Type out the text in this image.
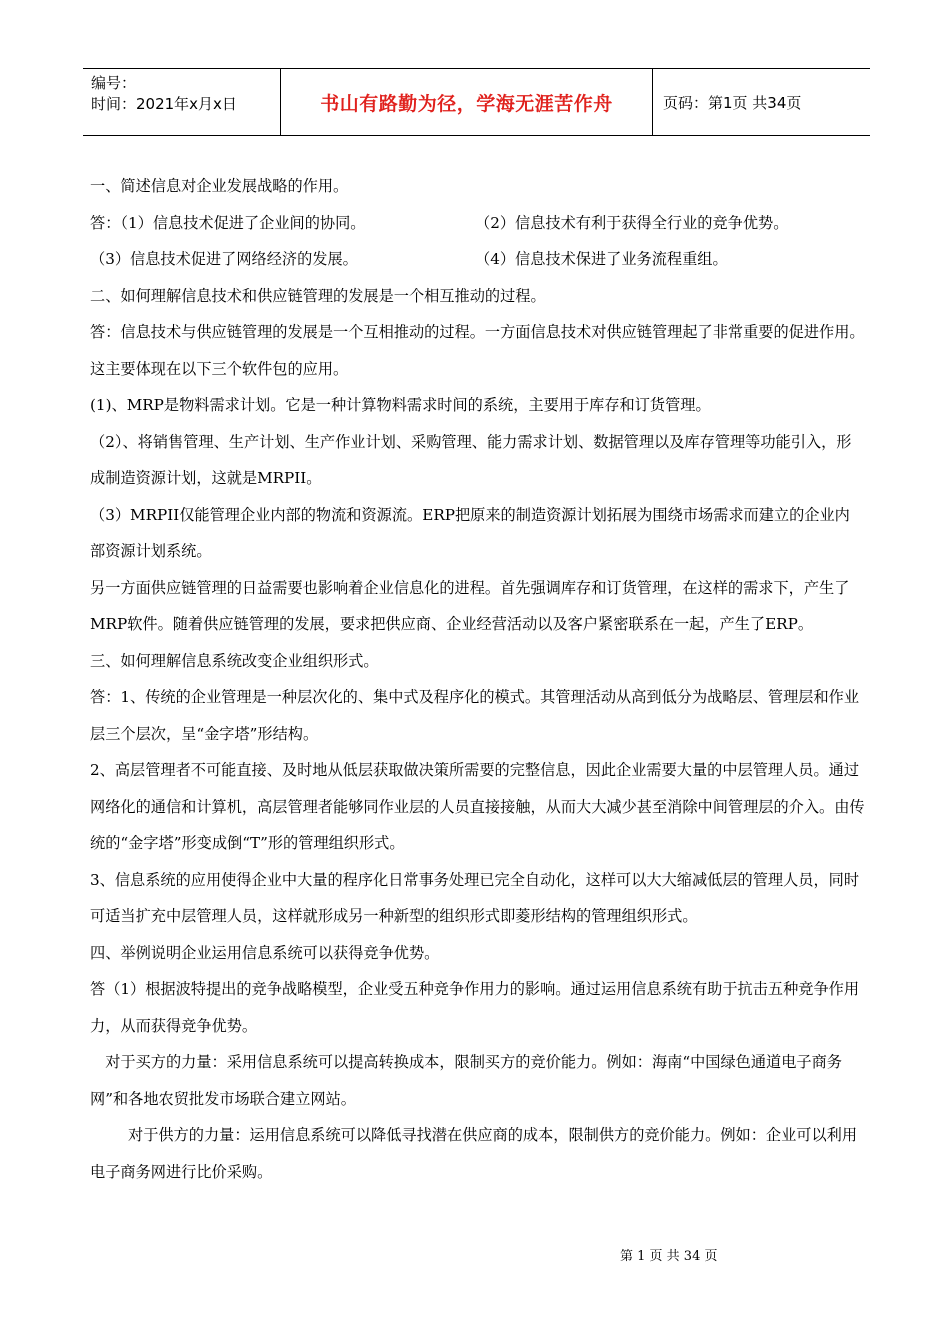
编号：
时间：2021年x月x日	书山有路勤为径，学海无涯苦作舟	页码：第1页 共34页

一、简述信息对企业发展战略的作用。

答：（1）信息技术促进了企业间的协同。	（2）信息技术有利于获得全行业的竞争优势。
（3）信息技术促进了网络经济的发展。	（4）信息技术保进了业务流程重组。

二、如何理解信息技术和供应链管理的发展是一个相互推动的过程。

答：信息技术与供应链管理的发展是一个互相推动的过程。一方面信息技术对供应链管理起了非常重要的促进作用。这主要体现在以下三个软件包的应用。

(1)、MRP是物料需求计划。它是一种计算物料需求时间的系统，主要用于库存和订货管理。

（2）、将销售管理、生产计划、生产作业计划、采购管理、能力需求计划、数据管理以及库存管理等功能引入，形成制造资源计划，这就是MRPII。

（3）MRPII仅能管理企业内部的物流和资源流。ERP把原来的制造资源计划拓展为围绕市场需求而建立的企业内部资源计划系统。

另一方面供应链管理的日益需要也影响着企业信息化的进程。首先强调库存和订货管理，在这样的需求下，产生了MRP软件。随着供应链管理的发展，要求把供应商、企业经营活动以及客户紧密联系在一起，产生了ERP。

三、如何理解信息系统改变企业组织形式。

答：1、传统的企业管理是一种层次化的、集中式及程序化的模式。其管理活动从高到低分为战略层、管理层和作业层三个层次，呈“金字塔”形结构。

2、高层管理者不可能直接、及时地从低层获取做决策所需要的完整信息，因此企业需要大量的中层管理人员。通过网络化的通信和计算机，高层管理者能够同作业层的人员直接接触，从而大大减少甚至消除中间管理层的介入。由传统的“金字塔”形变成倒“T”形的管理组织形式。

3、信息系统的应用使得企业中大量的程序化日常事务处理已完全自动化，这样可以大大缩减低层的管理人员，同时可适当扩充中层管理人员，这样就形成另一种新型的组织形式即菱形结构的管理组织形式。

四、举例说明企业运用信息系统可以获得竞争优势。

答（1）根据波特提出的竞争战略模型，企业受五种竞争作用力的影响。通过运用信息系统有助于抗击五种竞争作用力，从而获得竞争优势。

对于买方的力量：采用信息系统可以提高转换成本，限制买方的竞价能力。例如：海南“中国绿色通道电子商务网”和各地农贸批发市场联合建立网站。

对于供方的力量：运用信息系统可以降低寻找潜在供应商的成本，限制供方的竞价能力。例如：企业可以利用电子商务网进行比价采购。

第 1 页 共 34 页
